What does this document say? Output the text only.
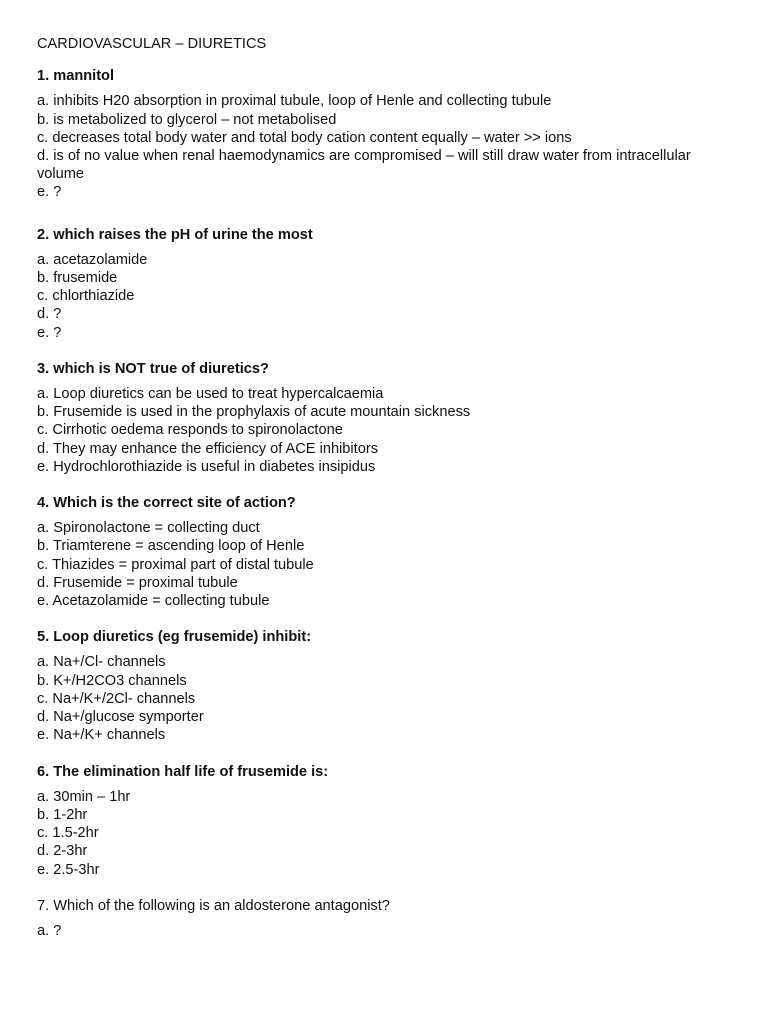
CARDIOVASCULAR – DIURETICS
1. mannitol
a. inhibits H20 absorption in proximal tubule, loop of Henle and collecting tubule
b. is metabolized to glycerol – not metabolised
c. decreases total body water and total body cation content equally – water >> ions
d. is of no value when renal haemodynamics are compromised – will still draw water from intracellular volume
e. ?
2. which raises the pH of urine the most
a. acetazolamide
b. frusemide
c. chlorthiazide
d. ?
e. ?
3. which is NOT true of diuretics?
a. Loop diuretics can be used to treat hypercalcaemia
b. Frusemide is used in the prophylaxis of acute mountain sickness
c. Cirrhotic oedema responds to spironolactone
d. They may enhance the efficiency of ACE inhibitors
e. Hydrochlorothiazide is useful in diabetes insipidus
4. Which is the correct site of action?
a. Spironolactone = collecting duct
b. Triamterene = ascending loop of Henle
c. Thiazides = proximal part of distal tubule
d. Frusemide = proximal tubule
e. Acetazolamide = collecting tubule
5. Loop diuretics (eg frusemide) inhibit:
a. Na+/Cl- channels
b. K+/H2CO3 channels
c. Na+/K+/2Cl- channels
d. Na+/glucose symporter
e. Na+/K+ channels
6. The elimination half life of frusemide is:
a. 30min – 1hr
b. 1-2hr
c. 1.5-2hr
d. 2-3hr
e. 2.5-3hr
7. Which of the following is an aldosterone antagonist?
a. ?
